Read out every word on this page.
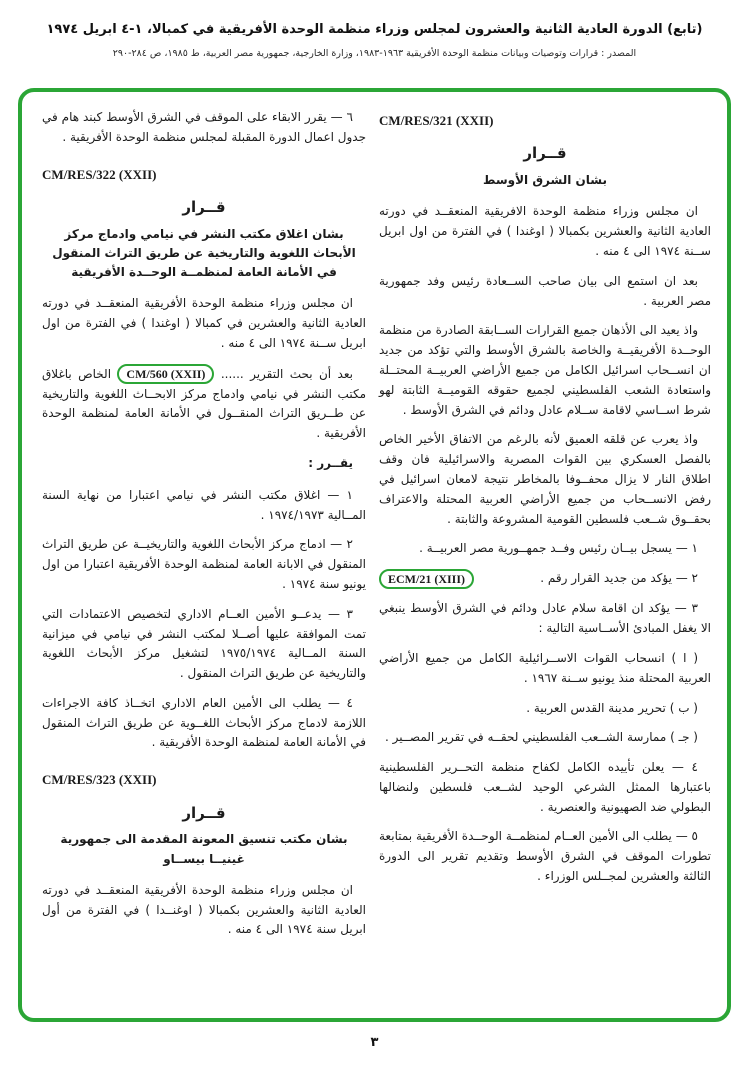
(تابع) الدورة العادية الثانية والعشرون لمجلس وزراء منظمة الوحدة الأفريقية في كمبالا، ١-٤ ابريل ١٩٧٤
المصدر : قرارات وتوصيات وبيانات منظمة الوحدة الأفريقية ١٩٦٣-١٩٨٣، وزارة الخارجية، جمهورية مصر العربية، ط ١٩٨٥، ص ٢٨٤-٢٩٠
CM/RES/321 (XXII)
قــرار
بشان الشرق الأوسط

ان مجلس وزراء منظمة الوحدة الافريقية المنعقــد في دورته العادية الثانية والعشرين بكمبالا ( اوغندا ) في الفترة من اول ابريل ســنة ١٩٧٤ الى ٤ منه .

بعد ان استمع الى بيان صاحب الســعادة رئيس وفد جمهورية مصر العربية .

واذ يعيد الى الأذهان جميع القرارات الســابقة الصادرة من منظمة الوحــدة الأفريقيــة والخاصة بالشرق الأوسط والتي تؤكد من جديد ان انســحاب اسرائيل الكامل من جميع الأراضي العربيــة المحتــلة واستعادة الشعب الفلسطيني لجميع حقوقه القوميــة الثابتة لهو شرط اســاسي لاقامة ســلام عادل ودائم في الشرق الأوسط .

واذ يعرب عن قلقه العميق لأنه بالرغم من الاتفاق الأخير الخاص بالفصل العسكري بين القوات المصرية والاسرائيلية فان وقف اطلاق النار لا يزال محفــوفا بالمخاطر نتيجة لامعان اسرائيل في رفض الانســحاب من جميع الأراضي العربية المحتلة والاعتراف بحقــوق شــعب فلسطين القومية المشروعة والثابتة .

١ — يسجل بيــان رئيس وفــد جمهــورية مصر العربيــة .

٢ — يؤكد من جديد القرار رقم .
ECM/21 (XIII)

٣ — يؤكد ان اقامة سلام عادل ودائم في الشرق الأوسط ينبغي الا يغفل المبادئ الأســاسية التالية :

( ا ) انسحاب القوات الاســرائيلية الكامل من جميع الأراضي العربية المحتلة منذ يونيو ســنة ١٩٦٧ .

( ب ) تحرير مدينة القدس العربية .

( جـ ) ممارسة الشــعب الفلسطيني لحقــه في تقرير المصــير .

٤ — يعلن تأييده الكامل لكفاح منظمة التحــرير الفلسطينية باعتبارها الممثل الشرعي الوحيد لشــعب فلسطين ولنضالها البطولي ضد الصهيونية والعنصرية .

٥ — يطلب الى الأمين العــام لمنظمــة الوحــدة الأفريقية بمتابعة تطورات الموقف في الشرق الأوسط وتقديم تقرير الى الدورة الثالثة والعشرين لمجــلس الوزراء .

٦ — يقرر الابقاء على الموقف في الشرق الأوسط كبند هام في جدول اعمال الدورة المقبلة لمجلس منظمة الوحدة الأفريقية .

CM/RES/322 (XXII)
قــرار
بشان اغلاق مكتب النشر في نيامي وادماج مركز الأبحاث اللغوية والتاريخية عن طريق التراث المنقول في الأمانة العامة لمنظمــة الوحــدة الأفريقية

ان مجلس وزراء منظمة الوحدة الأفريقية المنعقــد في دورته العادية الثانية والعشرين في كمبالا ( اوغندا ) في الفترة من اول ابريل ســنة ١٩٧٤ الى ٤ منه .

بعد أن بحث التقرير ...... CM/560 (XXII) الخاص باغلاق مكتب النشر في نيامي وادماج مركز الابحــاث اللغوية والتاريخية عن طــريق التراث المنقــول في الأمانة العامة لمنظمة الوحدة الأفريقية .

يقــرر :

١ — اغلاق مكتب النشر في نيامي اعتبارا من نهاية السنة المــالية ١٩٧٤/١٩٧٣ .

٢ — ادماج مركز الأبحاث اللغوية والتاريخيــة عن طريق التراث المنقول في الابانة العامة لمنظمة الوحدة الأفريقية اعتبارا من اول يونيو سنة ١٩٧٤ .

٣ — يدعــو الأمين العــام الاداري لتخصيص الاعتمادات التي تمت الموافقة عليها أصــلا لمكتب النشر في نيامي في ميزانية السنة المــالية ١٩٧٥/١٩٧٤ لتشغيل مركز الأبحاث اللغوية والتاريخية عن طريق التراث المنقول .

٤ — يطلب الى الأمين العام الاداري اتخــاذ كافة الاجراءات اللازمة لادماج مركز الأبحاث اللغــوية عن طريق التراث المنقول في الأمانة العامة لمنظمة الوحدة الأفريقية .

CM/RES/323 (XXII)
قــرار
بشان مكتب تنسيق المعونة المقدمة الى جمهورية غينيــا بيســاو

ان مجلس وزراء منظمة الوحدة الأفريقية المنعقــد في دورته العادية الثانية والعشرين بكمبالا ( اوغنــدا ) في الفترة من أول ابريل سنة ١٩٧٤ الى ٤ منه .

٣
